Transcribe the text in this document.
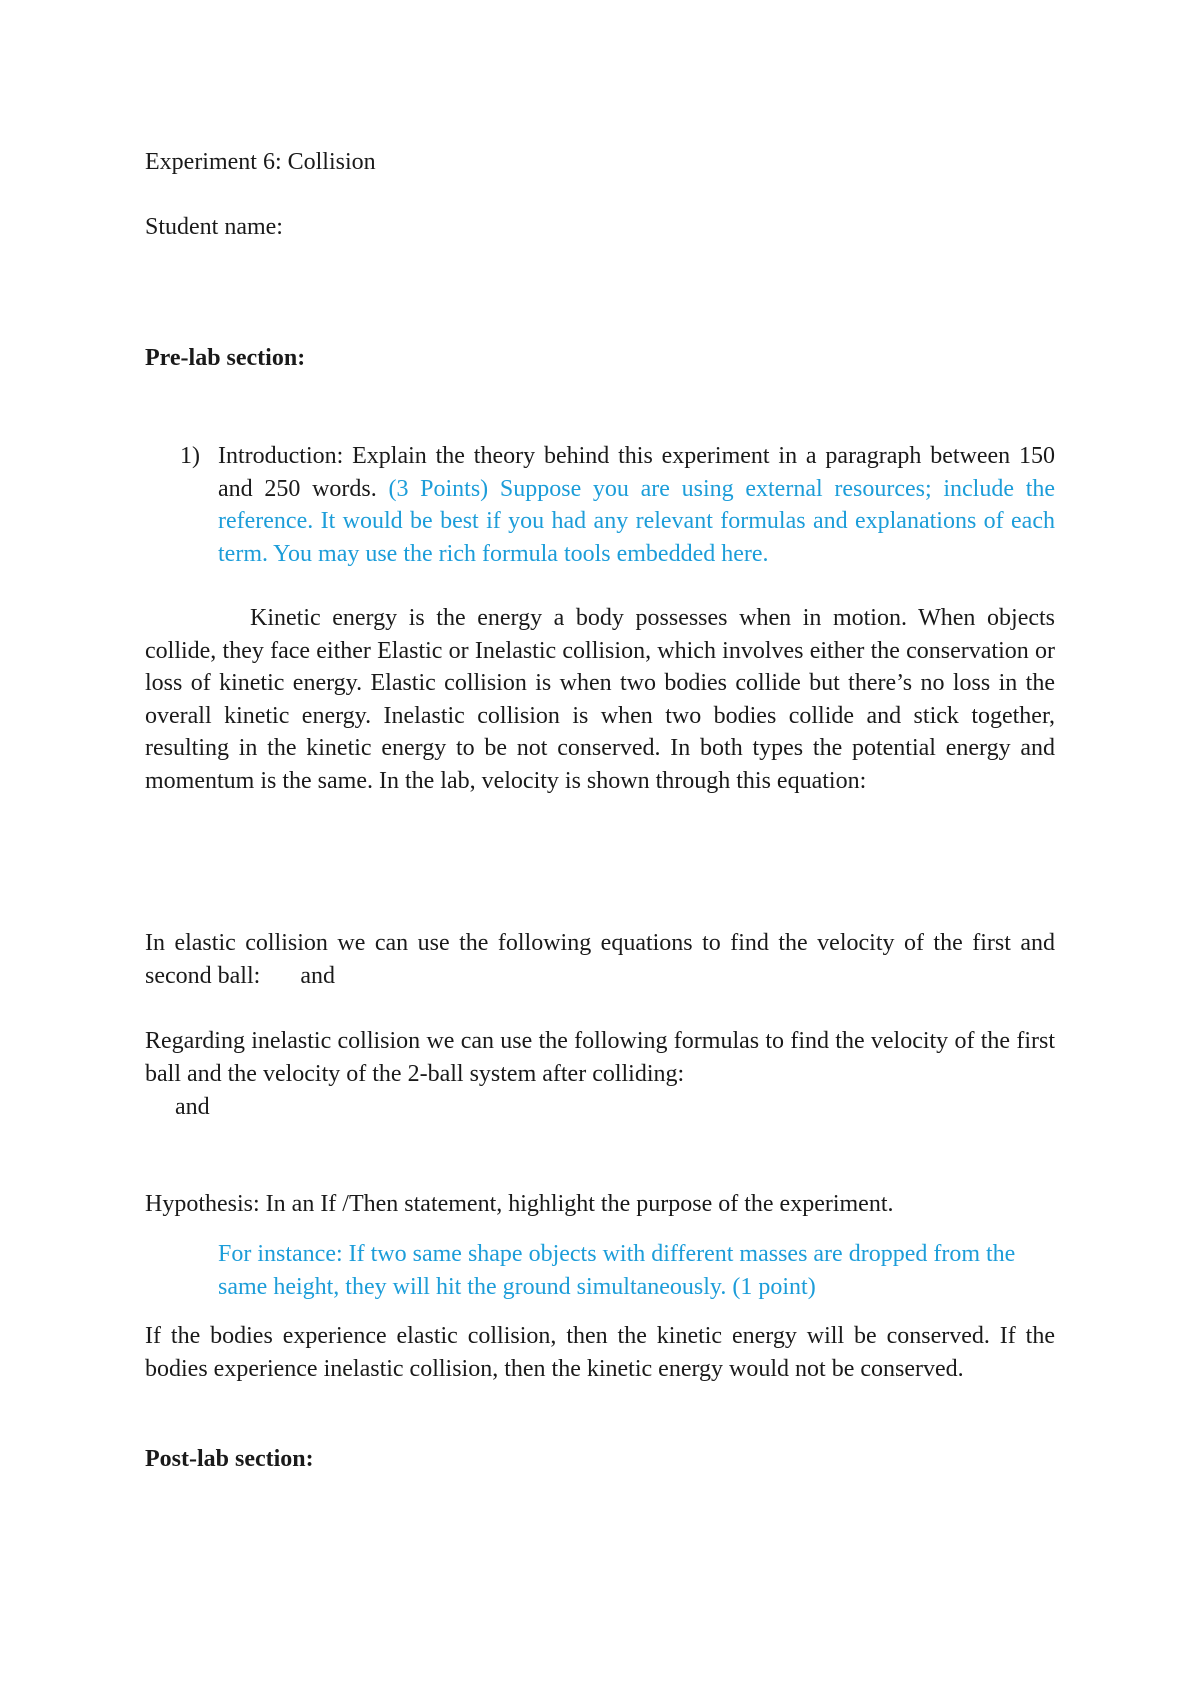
Experiment 6: Collision

Student name:

Pre-lab section:

1) Introduction: Explain the theory behind this experiment in a paragraph between 150 and 250 words. (3 Points) Suppose you are using external resources; include the reference. It would be best if you had any relevant formulas and explanations of each term. You may use the rich formula tools embedded here.

Kinetic energy is the energy a body possesses when in motion. When objects collide, they face either Elastic or Inelastic collision, which involves either the conservation or loss of kinetic energy. Elastic collision is when two bodies collide but there’s no loss in the overall kinetic energy. Inelastic collision is when two bodies collide and stick together, resulting in the kinetic energy to be not conserved. In both types the potential energy and momentum is the same. In the lab, velocity is shown through this equation:

In elastic collision we can use the following equations to find the velocity of the first and second ball: and

Regarding inelastic collision we can use the following formulas to find the velocity of the first ball and the velocity of the 2-ball system after colliding:

and

Hypothesis: In an If /Then statement, highlight the purpose of the experiment.

For instance: If two same shape objects with different masses are dropped from the same height, they will hit the ground simultaneously. (1 point)

If the bodies experience elastic collision, then the kinetic energy will be conserved. If the bodies experience inelastic collision, then the kinetic energy would not be conserved.

Post-lab section:
